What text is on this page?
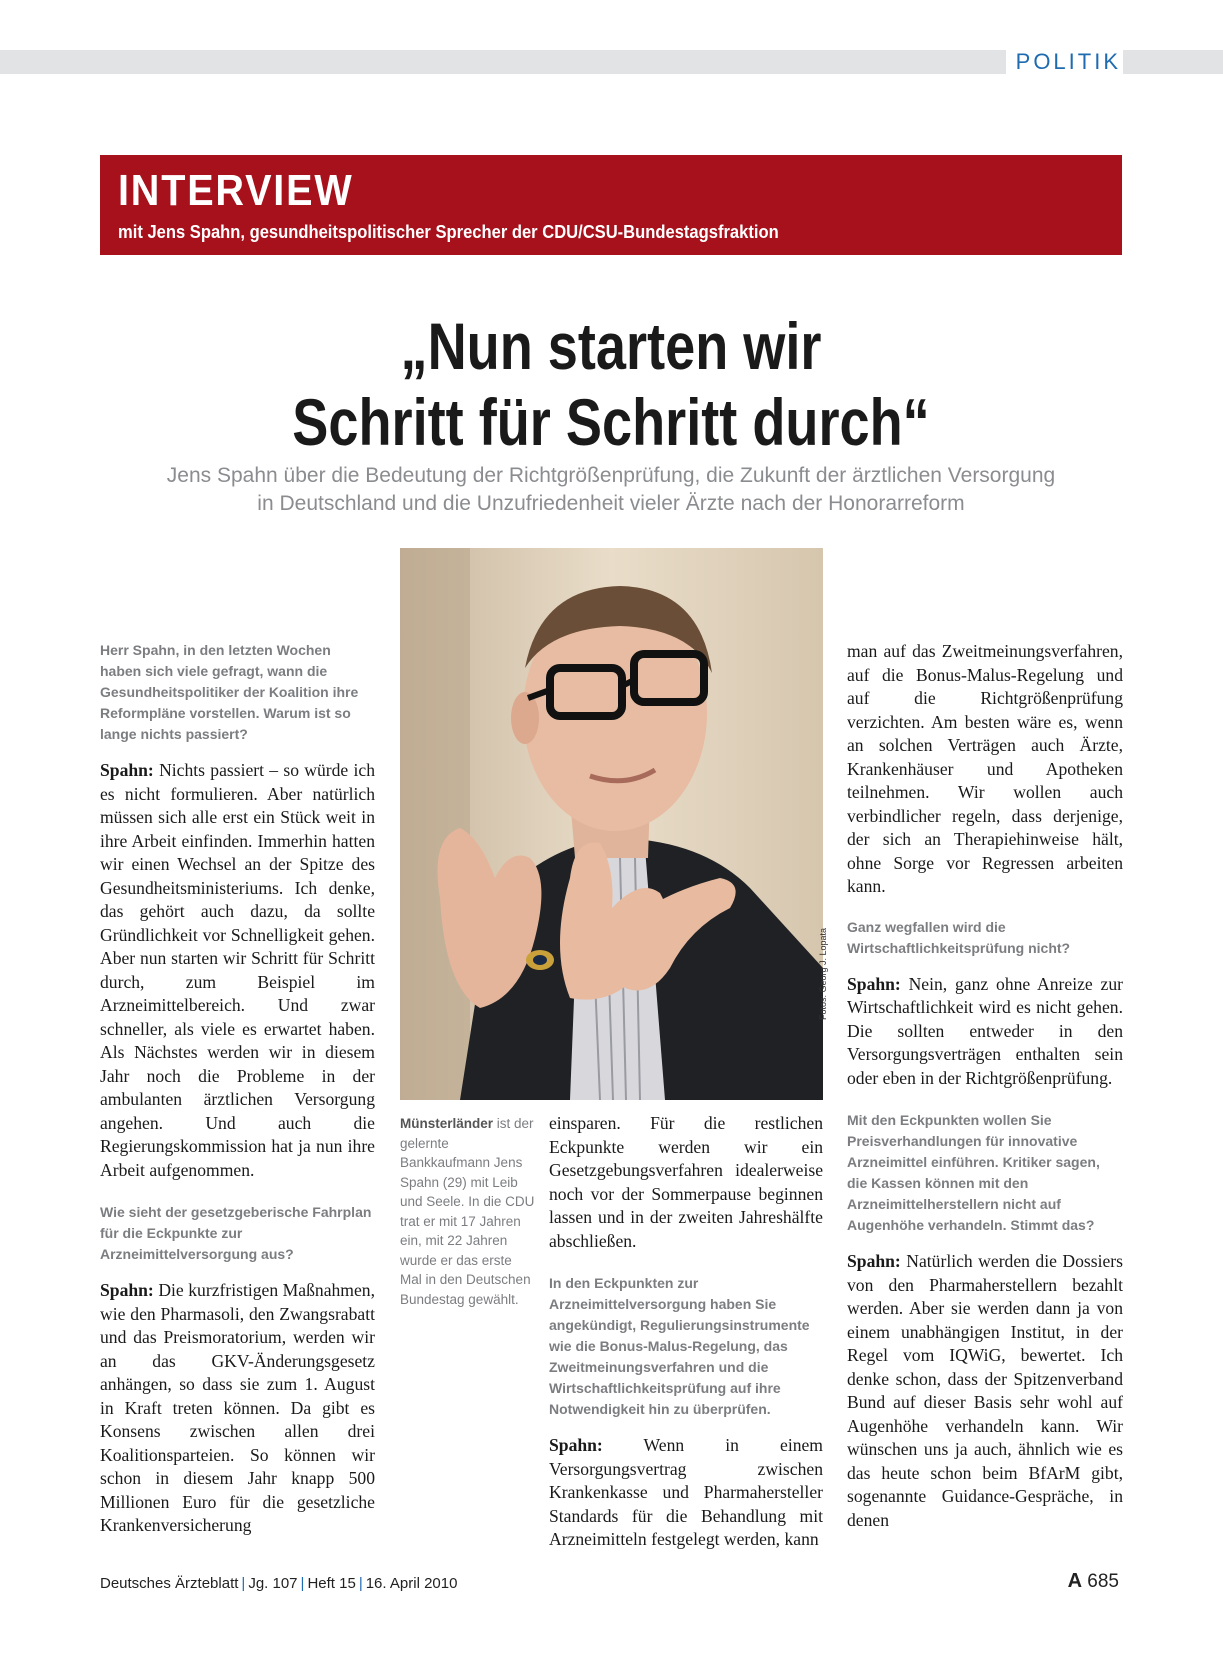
POLITIK
INTERVIEW
mit Jens Spahn, gesundheitspolitischer Sprecher der CDU/CSU-Bundestagsfraktion
„Nun starten wir
Schritt für Schritt durch“
Jens Spahn über die Bedeutung der Richtgrößenprüfung, die Zukunft der ärztlichen Versorgung
in Deutschland und die Unzufriedenheit vieler Ärzte nach der Honorarreform
Fotos: Georg J. Lopata
Münsterländer ist der gelernte Bankkaufmann Jens Spahn (29) mit Leib und Seele. In die CDU trat er mit 17 Jahren ein, mit 22 Jahren wurde er das erste Mal in den Deutschen Bundestag gewählt.
Herr Spahn, in den letzten Wochen haben sich viele gefragt, wann die Gesundheitspolitiker der Koalition ihre Reformpläne vorstellen. Warum ist so lange nichts passiert?

Spahn: Nichts passiert – so würde ich es nicht formulieren. Aber natürlich müssen sich alle erst ein Stück weit in ihre Arbeit einfinden. Immerhin hatten wir einen Wechsel an der Spitze des Gesundheitsministeriums. Ich denke, das gehört auch dazu, da sollte Gründlichkeit vor Schnelligkeit gehen. Aber nun starten wir Schritt für Schritt durch, zum Beispiel im Arzneimittelbereich. Und zwar schneller, als viele es erwartet haben. Als Nächstes werden wir in diesem Jahr noch die Probleme in der ambulanten ärztlichen Versorgung angehen. Und auch die Regierungskommission hat ja nun ihre Arbeit aufgenommen.

Wie sieht der gesetzgeberische Fahrplan für die Eckpunkte zur Arzneimittelversorgung aus?

Spahn: Die kurzfristigen Maßnahmen, wie den Pharmasoli, den Zwangsrabatt und das Preismoratorium, werden wir an das GKV-Änderungsgesetz anhängen, so dass sie zum 1. August in Kraft treten können. Da gibt es Konsens zwischen allen drei Koalitionsparteien. So können wir schon in diesem Jahr knapp 500 Millionen Euro für die gesetzliche Krankenversicherung

einsparen. Für die restlichen Eckpunkte werden wir ein Gesetzgebungsverfahren idealerweise noch vor der Sommerpause beginnen lassen und in der zweiten Jahreshälfte abschließen.

In den Eckpunkten zur Arzneimittelversorgung haben Sie angekündigt, Regulierungsinstrumente wie die Bonus-Malus-Regelung, das Zweitmeinungsverfahren und die Wirtschaftlichkeitsprüfung auf ihre Notwendigkeit hin zu überprüfen.

Spahn: Wenn in einem Versorgungsvertrag zwischen Krankenkasse und Pharmahersteller Standards für die Behandlung mit Arzneimitteln festgelegt werden, kann

man auf das Zweitmeinungsverfahren, auf die Bonus-Malus-Regelung und auf die Richtgrößenprüfung verzichten. Am besten wäre es, wenn an solchen Verträgen auch Ärzte, Krankenhäuser und Apotheken teilnehmen. Wir wollen auch verbindlicher regeln, dass derjenige, der sich an Therapiehinweise hält, ohne Sorge vor Regressen arbeiten kann.

Ganz wegfallen wird die Wirtschaftlichkeitsprüfung nicht?

Spahn: Nein, ganz ohne Anreize zur Wirtschaftlichkeit wird es nicht gehen. Die sollten entweder in den Versorgungsverträgen enthalten sein oder eben in der Richtgrößenprüfung.

Mit den Eckpunkten wollen Sie Preisverhandlungen für innovative Arzneimittel einführen. Kritiker sagen, die Kassen können mit den Arzneimittelherstellern nicht auf Augenhöhe verhandeln. Stimmt das?

Spahn: Natürlich werden die Dossiers von den Pharmaherstellern bezahlt werden. Aber sie werden dann ja von einem unabhängigen Institut, in der Regel vom IQWiG, bewertet. Ich denke schon, dass der Spitzenverband Bund auf dieser Basis sehr wohl auf Augenhöhe verhandeln kann. Wir wünschen uns ja auch, ähnlich wie es das heute schon beim BfArM gibt, sogenannte Guidance-Gespräche, in denen

Deutsches Ärzteblatt | Jg. 107 | Heft 15 | 16. April 2010	A 685
